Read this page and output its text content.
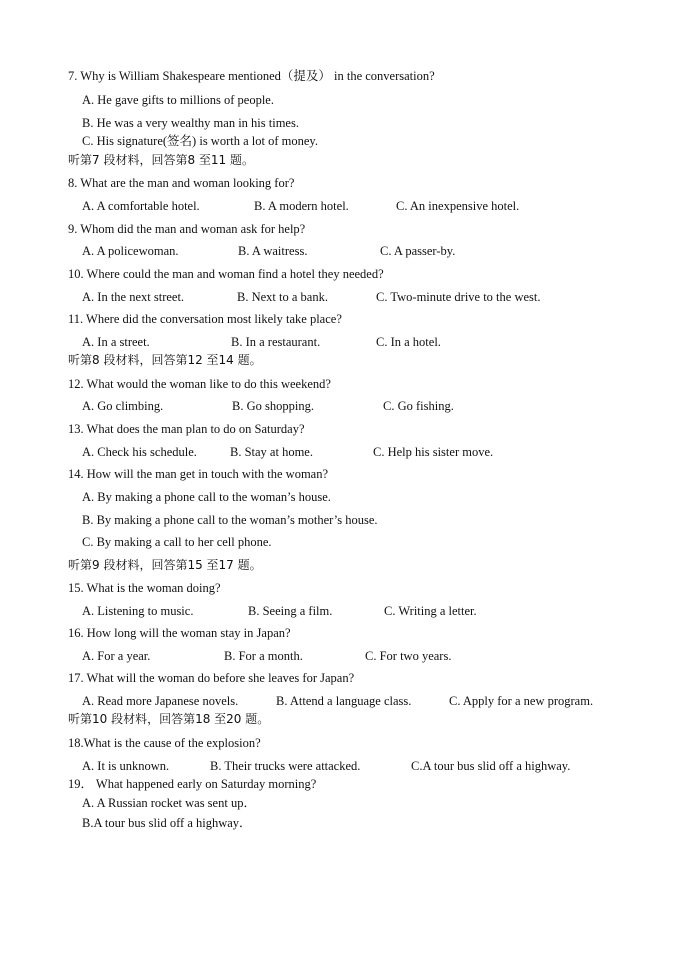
7. Why is William Shakespeare mentioned（提及） in the conversation?
A. He gave gifts to millions of people.
B. He was a very wealthy man in his times.
C. His signature(签名) is worth a lot of money.
听第7 段材料，回答第8 至11 题。
8. What are the man and woman looking for?
A. A comfortable hotel.	B. A modern hotel.	C. An inexpensive hotel.
9. Whom did the man and woman ask for help?
A. A policewoman.	B. A waitress.	C. A passer-by.
10. Where could the man and woman find a hotel they needed?
A. In the next street.	B. Next to a bank.	C. Two-minute drive to the west.
11. Where did the conversation most likely take place?
A. In a street.	B. In a restaurant.	C. In a hotel.
听第8 段材料，回答第12 至14 题。
12. What would the woman like to do this weekend?
A. Go climbing.	B. Go shopping.	C. Go fishing.
13. What does the man plan to do on Saturday?
A. Check his schedule.	B. Stay at home.	C. Help his sister move.
14. How will the man get in touch with the woman?
A. By making a phone call to the woman’s house.
B. By making a phone call to the woman’s mother’s house.
C. By making a call to her cell phone.
听第9 段材料，回答第15 至17 题。
15. What is the woman doing?
A. Listening to music.	B. Seeing a film.	C. Writing a letter.
16. How long will the woman stay in Japan?
A. For a year.	B. For a month.	C. For two years.
17. What will the woman do before she leaves for Japan?
A. Read more Japanese novels.	B. Attend a language class.	C. Apply for a new program.
听第10 段材料，回答第18 至20 题。
18.What is the cause of the explosion?
A. It is unknown.	B. Their trucks were attacked.	C.A tour bus slid off a highway.
19． What happened early on Saturday morning?
A. A Russian rocket was sent up．
B.A tour bus slid off a highway．
